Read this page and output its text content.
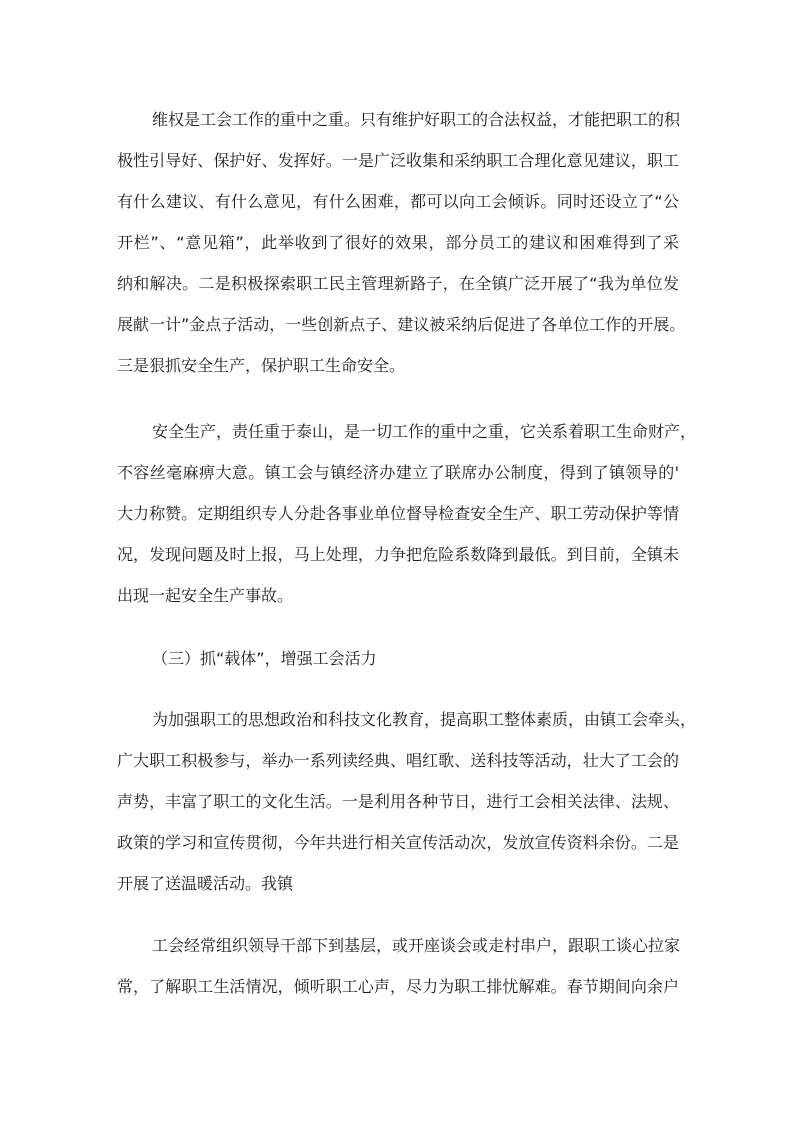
维权是工会工作的重中之重。只有维护好职工的合法权益，才能把职工的积
极性引导好、保护好、发挥好。一是广泛收集和采纳职工合理化意见建议，职工
有什么建议、有什么意见，有什么困难，都可以向工会倾诉。同时还设立了“公
开栏”、“意见箱”，此举收到了很好的效果，部分员工的建议和困难得到了采
纳和解决。二是积极探索职工民主管理新路子，在全镇广泛开展了“我为单位发
展献一计”金点子活动，一些创新点子、建议被采纳后促进了各单位工作的开展。
三是狠抓安全生产，保护职工生命安全。
安全生产，责任重于泰山，是一切工作的重中之重，它关系着职工生命财产，
不容丝毫麻痹大意。镇工会与镇经济办建立了联席办公制度，得到了镇领导的'
大力称赞。定期组织专人分赴各事业单位督导检查安全生产、职工劳动保护等情
况，发现问题及时上报，马上处理，力争把危险系数降到最低。到目前，全镇未
出现一起安全生产事故。
（三）抓“载体”，增强工会活力
为加强职工的思想政治和科技文化教育，提高职工整体素质，由镇工会牵头，
广大职工积极参与，举办一系列读经典、唱红歌、送科技等活动，壮大了工会的
声势，丰富了职工的文化生活。一是利用各种节日，进行工会相关法律、法规、
政策的学习和宣传贯彻，今年共进行相关宣传活动次，发放宣传资料余份。二是
开展了送温暖活动。我镇
工会经常组织领导干部下到基层，或开座谈会或走村串户，跟职工谈心拉家
常，了解职工生活情况，倾听职工心声，尽力为职工排忧解难。春节期间向余户
